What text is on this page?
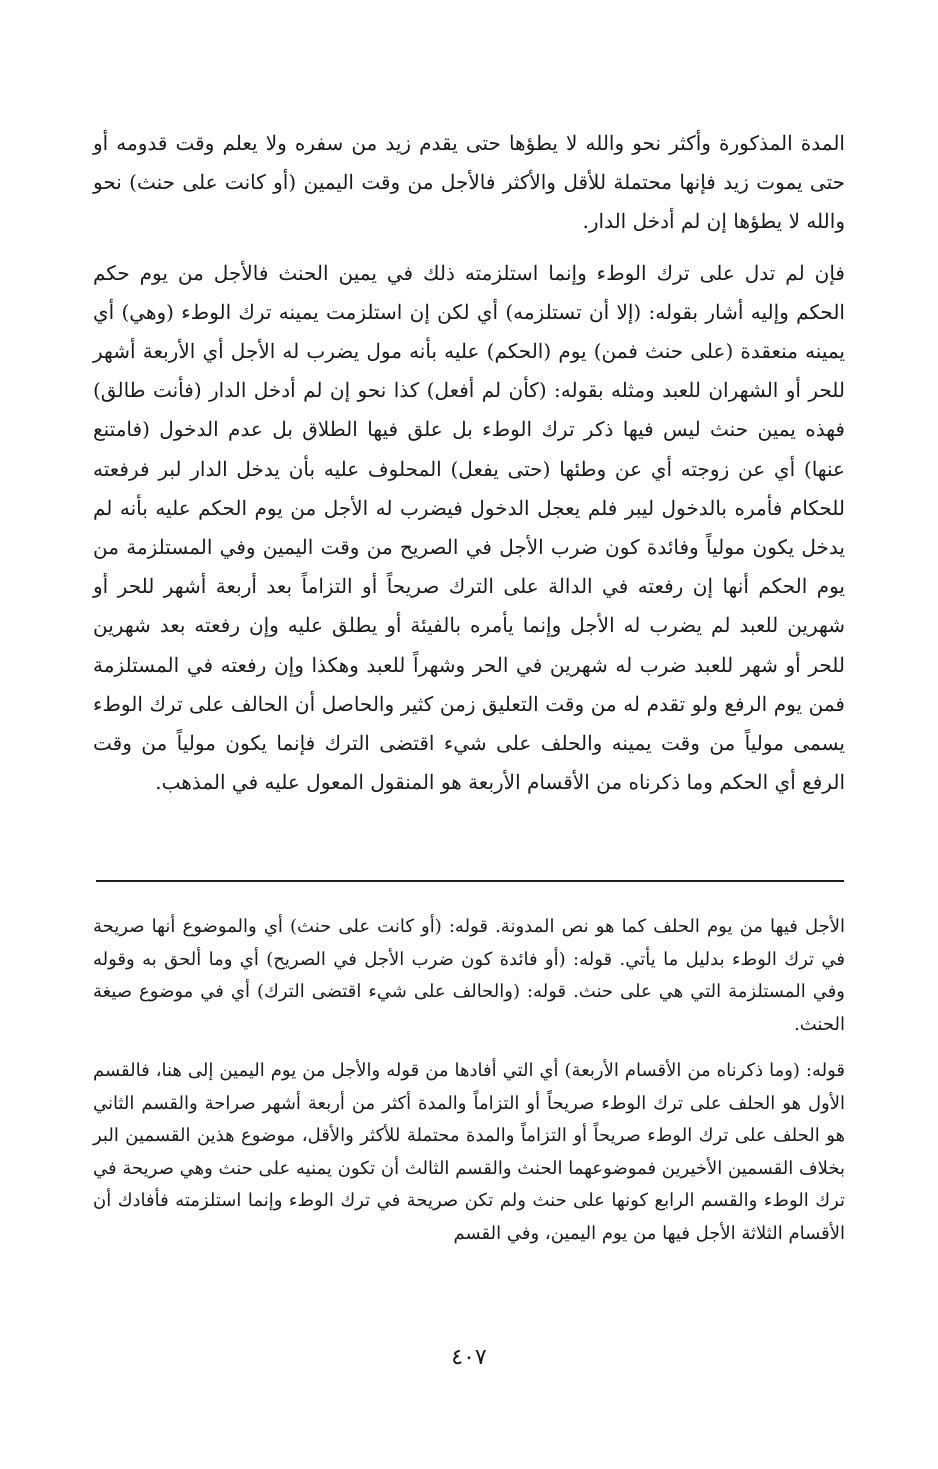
المدة المذكورة وأكثر نحو والله لا يطؤها حتى يقدم زيد من سفره ولا يعلم وقت قدومه أو حتى يموت زيد فإنها محتملة للأقل والأكثر فالأجل من وقت اليمين (أو كانت على حنث) نحو والله لا يطؤها إن لم أدخل الدار.

فإن لم تدل على ترك الوطء وإنما استلزمته ذلك في يمين الحنث فالأجل من يوم حكم الحكم وإليه أشار بقوله: (إلا أن تستلزمه) أي لكن إن استلزمت يمينه ترك الوطء (وهي) أي يمينه منعقدة (على حنث فمن) يوم (الحكم) عليه بأنه مول يضرب له الأجل أي الأربعة أشهر للحر أو الشهران للعبد ومثله بقوله: (كأن لم أفعل) كذا نحو إن لم أدخل الدار (فأنت طالق) فهذه يمين حنث ليس فيها ذكر ترك الوطء بل علق فيها الطلاق بل عدم الدخول (فامتنع عنها) أي عن زوجته أي عن وطئها (حتى يفعل) المحلوف عليه بأن يدخل الدار لبر فرفعته للحكام فأمره بالدخول ليبر فلم يعجل الدخول فيضرب له الأجل من يوم الحكم عليه بأنه لم يدخل يكون مولياً وفائدة كون ضرب الأجل في الصريح من وقت اليمين وفي المستلزمة من يوم الحكم أنها إن رفعته في الدالة على الترك صريحاً أو التزاماً بعد أربعة أشهر للحر أو شهرين للعبد لم يضرب له الأجل وإنما يأمره بالفيئة أو يطلق عليه وإن رفعته بعد شهرين للحر أو شهر للعبد ضرب له شهرين في الحر وشهراً للعبد وهكذا وإن رفعته في المستلزمة فمن يوم الرفع ولو تقدم له من وقت التعليق زمن كثير والحاصل أن الحالف على ترك الوطء يسمى مولياً من وقت يمينه والحلف على شيء اقتضى الترك فإنما يكون مولياً من وقت الرفع أي الحكم وما ذكرناه من الأقسام الأربعة هو المنقول المعول عليه في المذهب.

الأجل فيها من يوم الحلف كما هو نص المدونة. قوله: (أو كانت على حنث) أي والموضوع أنها صريحة في ترك الوطء بدليل ما يأتي. قوله: (أو فائدة كون ضرب الأجل في الصريح) أي وما ألحق به وقوله وفي المستلزمة التي هي على حنث. قوله: (والحالف على شيء اقتضى الترك) أي في موضوع صيغة الحنث.

قوله: (وما ذكرناه من الأقسام الأربعة) أي التي أفادها من قوله والأجل من يوم اليمين إلى هنا، فالقسم الأول هو الحلف على ترك الوطء صريحاً أو التزاماً والمدة أكثر من أربعة أشهر صراحة والقسم الثاني هو الحلف على ترك الوطء صريحاً أو التزاماً والمدة محتملة للأكثر والأقل، موضوع هذين القسمين البر بخلاف القسمين الأخيرين فموضوعهما الحنث والقسم الثالث أن تكون يمنيه على حنث وهي صريحة في ترك الوطء والقسم الرابع كونها على حنث ولم تكن صريحة في ترك الوطء وإنما استلزمته فأفادك أن الأقسام الثلاثة الأجل فيها من يوم اليمين، وفي القسم

٤٠٧
